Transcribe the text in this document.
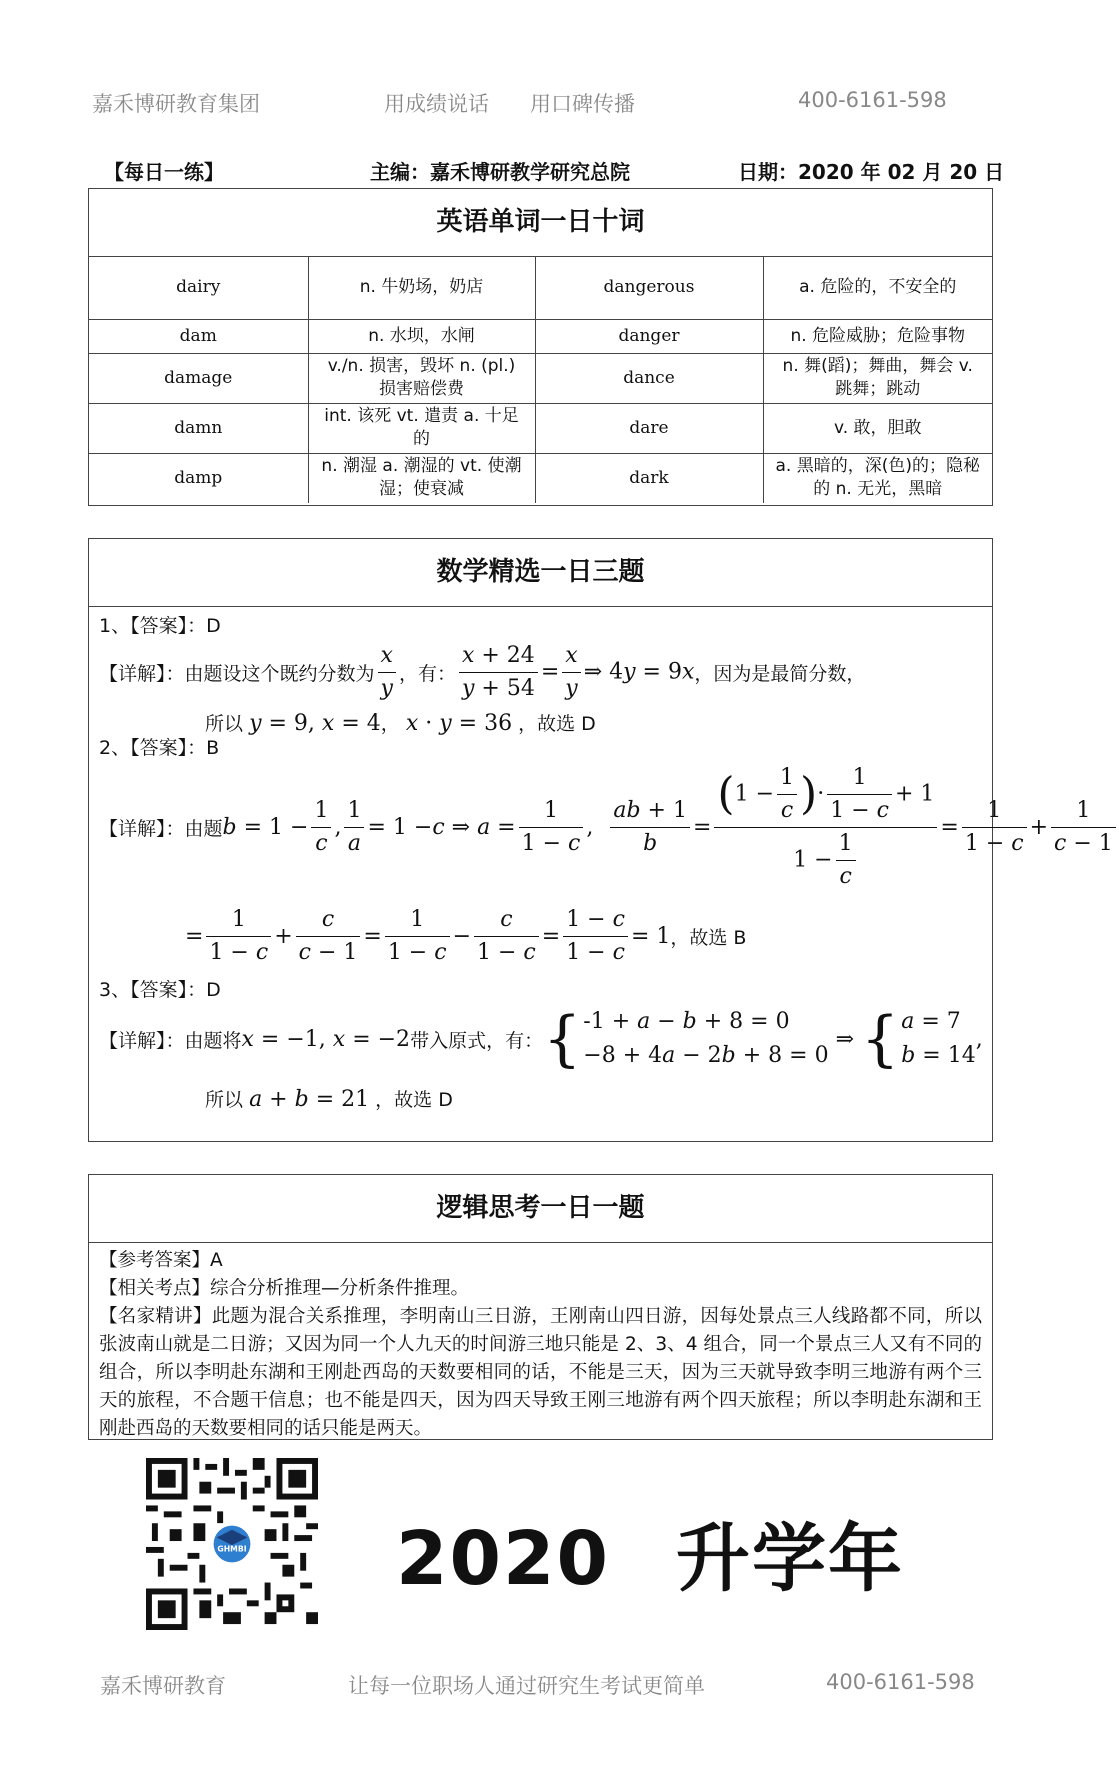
嘉禾博研教育集团	用成绩说话 用口碑传播	400-6161-598
【每日一练】	主编：嘉禾博研教学研究总院	日期：2020 年 02 月 20 日
英语单词一日十词
dairy	n. 牛奶场，奶店	dangerous	a. 危险的，不安全的
dam	n. 水坝，水闸	danger	n. 危险威胁；危险事物
damage	v./n. 损害，毁坏 n. (pl.) 损害赔偿费	dance	n. 舞(蹈)；舞曲，舞会 v. 跳舞；跳动
damn	int. 该死 vt. 遣责 a. 十足的	dare	v. 敢，胆敢
damp	n. 潮湿 a. 潮湿的 vt. 使潮湿；使衰减	dark	a. 黑暗的，深(色)的；隐秘的 n. 无光，黑暗
数学精选一日三题
1、【答案】：D
【详解】：由题设这个既约分数为 $\frac{x}{y}$ ，有： $\frac{x + 24}{y + 54} = \frac{x}{y}$ ⇒ 4y = 9x ，因为是最简分数，
所以 y = 9, x = 4， x · y = 36 ，故选 D
2、【答案】：B
【详解】：由题 $b = 1 - \frac{1}{c}$ , $\frac{1}{a} = 1 - c$ ⇒ $a = \frac{1}{1 - c}$ , $\frac{ab + 1}{b} = \frac{(1 - \frac{1}{c} )\cdot \frac{1}{1 - c} + 1}{1 - \frac{1}{c}} = \frac{1}{1 - c} + \frac{1}{c - 1}$
= $\frac{1}{1 - c} + \frac{c}{c - 1} = \frac{1}{1 - c} - \frac{c}{1 - c} = \frac{1 - c}{1 - c} = 1$ ，故选 B
3、【答案】：D
【详解】：由题将 x = −1, x = −2 带入原式，有： { -1 + a − b + 8 = 0
−8 + 4a − 2b + 8 = 0
⇒ { a = 7
b = 14
,
所以 a + b = 21 ，故选 D
逻辑思考一日一题
【参考答案】A
【相关考点】综合分析推理—分析条件推理。
【名家精讲】此题为混合关系推理，李明南山三日游，王刚南山四日游，因每处景点三人线路都不同，所以张波南山就是二日游；又因为同一个人九天的时间游三地只能是 2、3、4 组合，同一个景点三人又有不同的组合，所以李明赴东湖和王刚赴西岛的天数要相同的话，不能是三天，因为三天就导致李明三地游有两个三天的旅程，不合题干信息；也不能是四天，因为四天导致王刚三地游有两个四天旅程；所以李明赴东湖和王刚赴西岛的天数要相同的话只能是两天。
GHMBI 2020 升学年
嘉禾博研教育	让每一位职场人通过研究生考试更简单	400-6161-598
